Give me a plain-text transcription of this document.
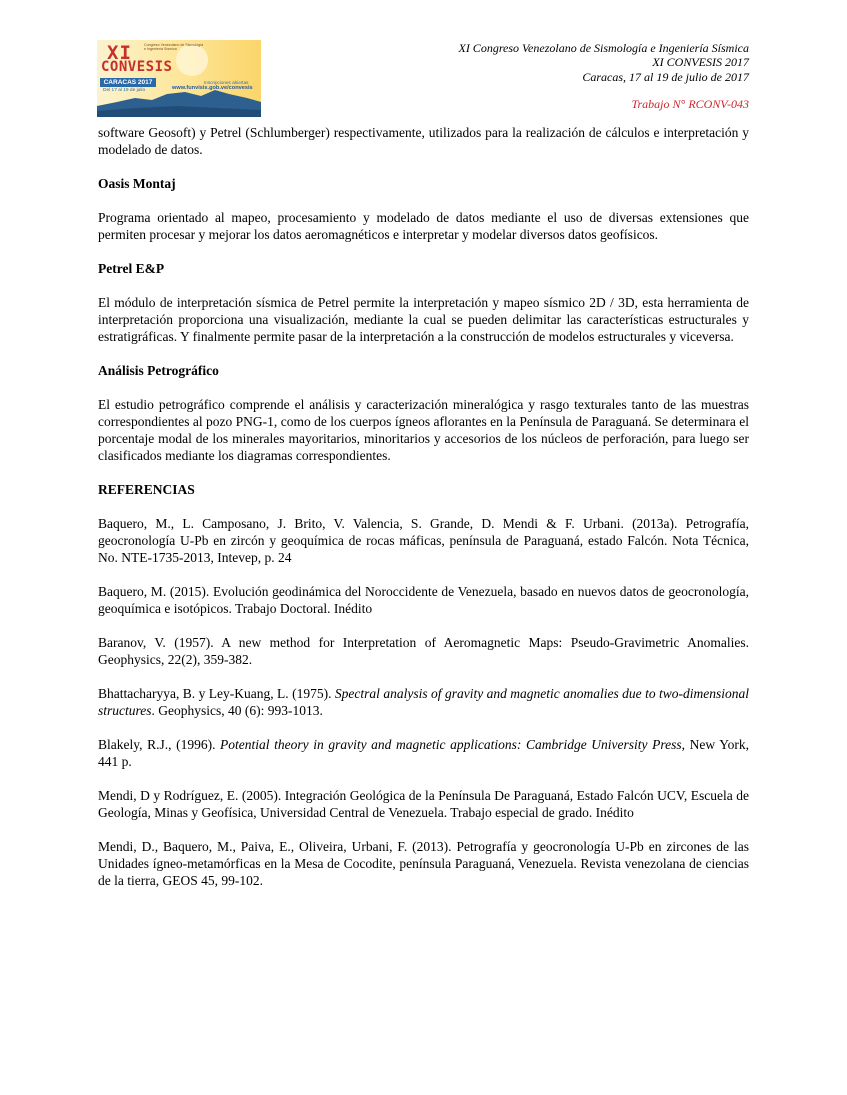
XI	Congreso Venezolano de Sismología e Ingeniería Sísmica
CONVESIS
CARACAS 2017
Del 17 al 19 de julio
Inscripciones abiertas
www.funvisis.gob.ve/convesis
XI Congreso Venezolano de Sismología e Ingeniería Sísmica
XI CONVESIS 2017
Caracas, 17 al 19 de julio de 2017
Trabajo N° RCONV-043

software Geosoft) y Petrel (Schlumberger) respectivamente, utilizados para la realización de cálculos e interpretación y modelado de datos.

Oasis Montaj

Programa orientado al mapeo, procesamiento y modelado de datos mediante el uso de diversas extensiones que permiten procesar y mejorar los datos aeromagnéticos e interpretar y modelar diversos datos geofísicos.

Petrel E&P

El módulo de interpretación sísmica de Petrel permite la interpretación y mapeo sísmico 2D / 3D, esta herramienta de interpretación proporciona una visualización, mediante la cual se pueden delimitar las características estructurales y estratigráficas. Y finalmente permite pasar de la interpretación a la construcción de modelos estructurales y viceversa.

Análisis Petrográfico

El estudio petrográfico comprende el análisis y caracterización mineralógica y rasgo texturales tanto de las muestras correspondientes al pozo PNG-1, como de los cuerpos ígneos aflorantes en la Península de Paraguaná. Se determinara el porcentaje modal de los minerales mayoritarios, minoritarios y accesorios de los núcleos de perforación, para luego ser clasificados mediante los diagramas correspondientes.

REFERENCIAS

Baquero, M., L. Camposano, J. Brito, V. Valencia, S. Grande, D. Mendi & F. Urbani. (2013a). Petrografía, geocronología U-Pb en zircón y geoquímica de rocas máficas, península de Paraguaná, estado Falcón. Nota Técnica, No. NTE-1735-2013, Intevep, p. 24

Baquero, M. (2015). Evolución geodinámica del Noroccidente de Venezuela, basado en nuevos datos de geocronología, geoquímica e isotópicos. Trabajo Doctoral. Inédito

Baranov, V. (1957). A new method for Interpretation of Aeromagnetic Maps: Pseudo-Gravimetric Anomalies. Geophysics, 22(2), 359-382.

Bhattacharyya, B. y Ley-Kuang, L. (1975). Spectral analysis of gravity and magnetic anomalies due to two-dimensional structures. Geophysics, 40 (6): 993-1013.

Blakely, R.J., (1996). Potential theory in gravity and magnetic applications: Cambridge University Press, New York, 441 p.

Mendi, D y Rodríguez, E. (2005). Integración Geológica de la Península De Paraguaná, Estado Falcón UCV, Escuela de Geología, Minas y Geofísica, Universidad Central de Venezuela. Trabajo especial de grado. Inédito

Mendi, D., Baquero, M., Paiva, E., Oliveira, Urbani, F. (2013). Petrografía y geocronología U-Pb en zircones de las Unidades ígneo-metamórficas en la Mesa de Cocodite, península Paraguaná, Venezuela. Revista venezolana de ciencias de la tierra, GEOS 45, 99-102.
